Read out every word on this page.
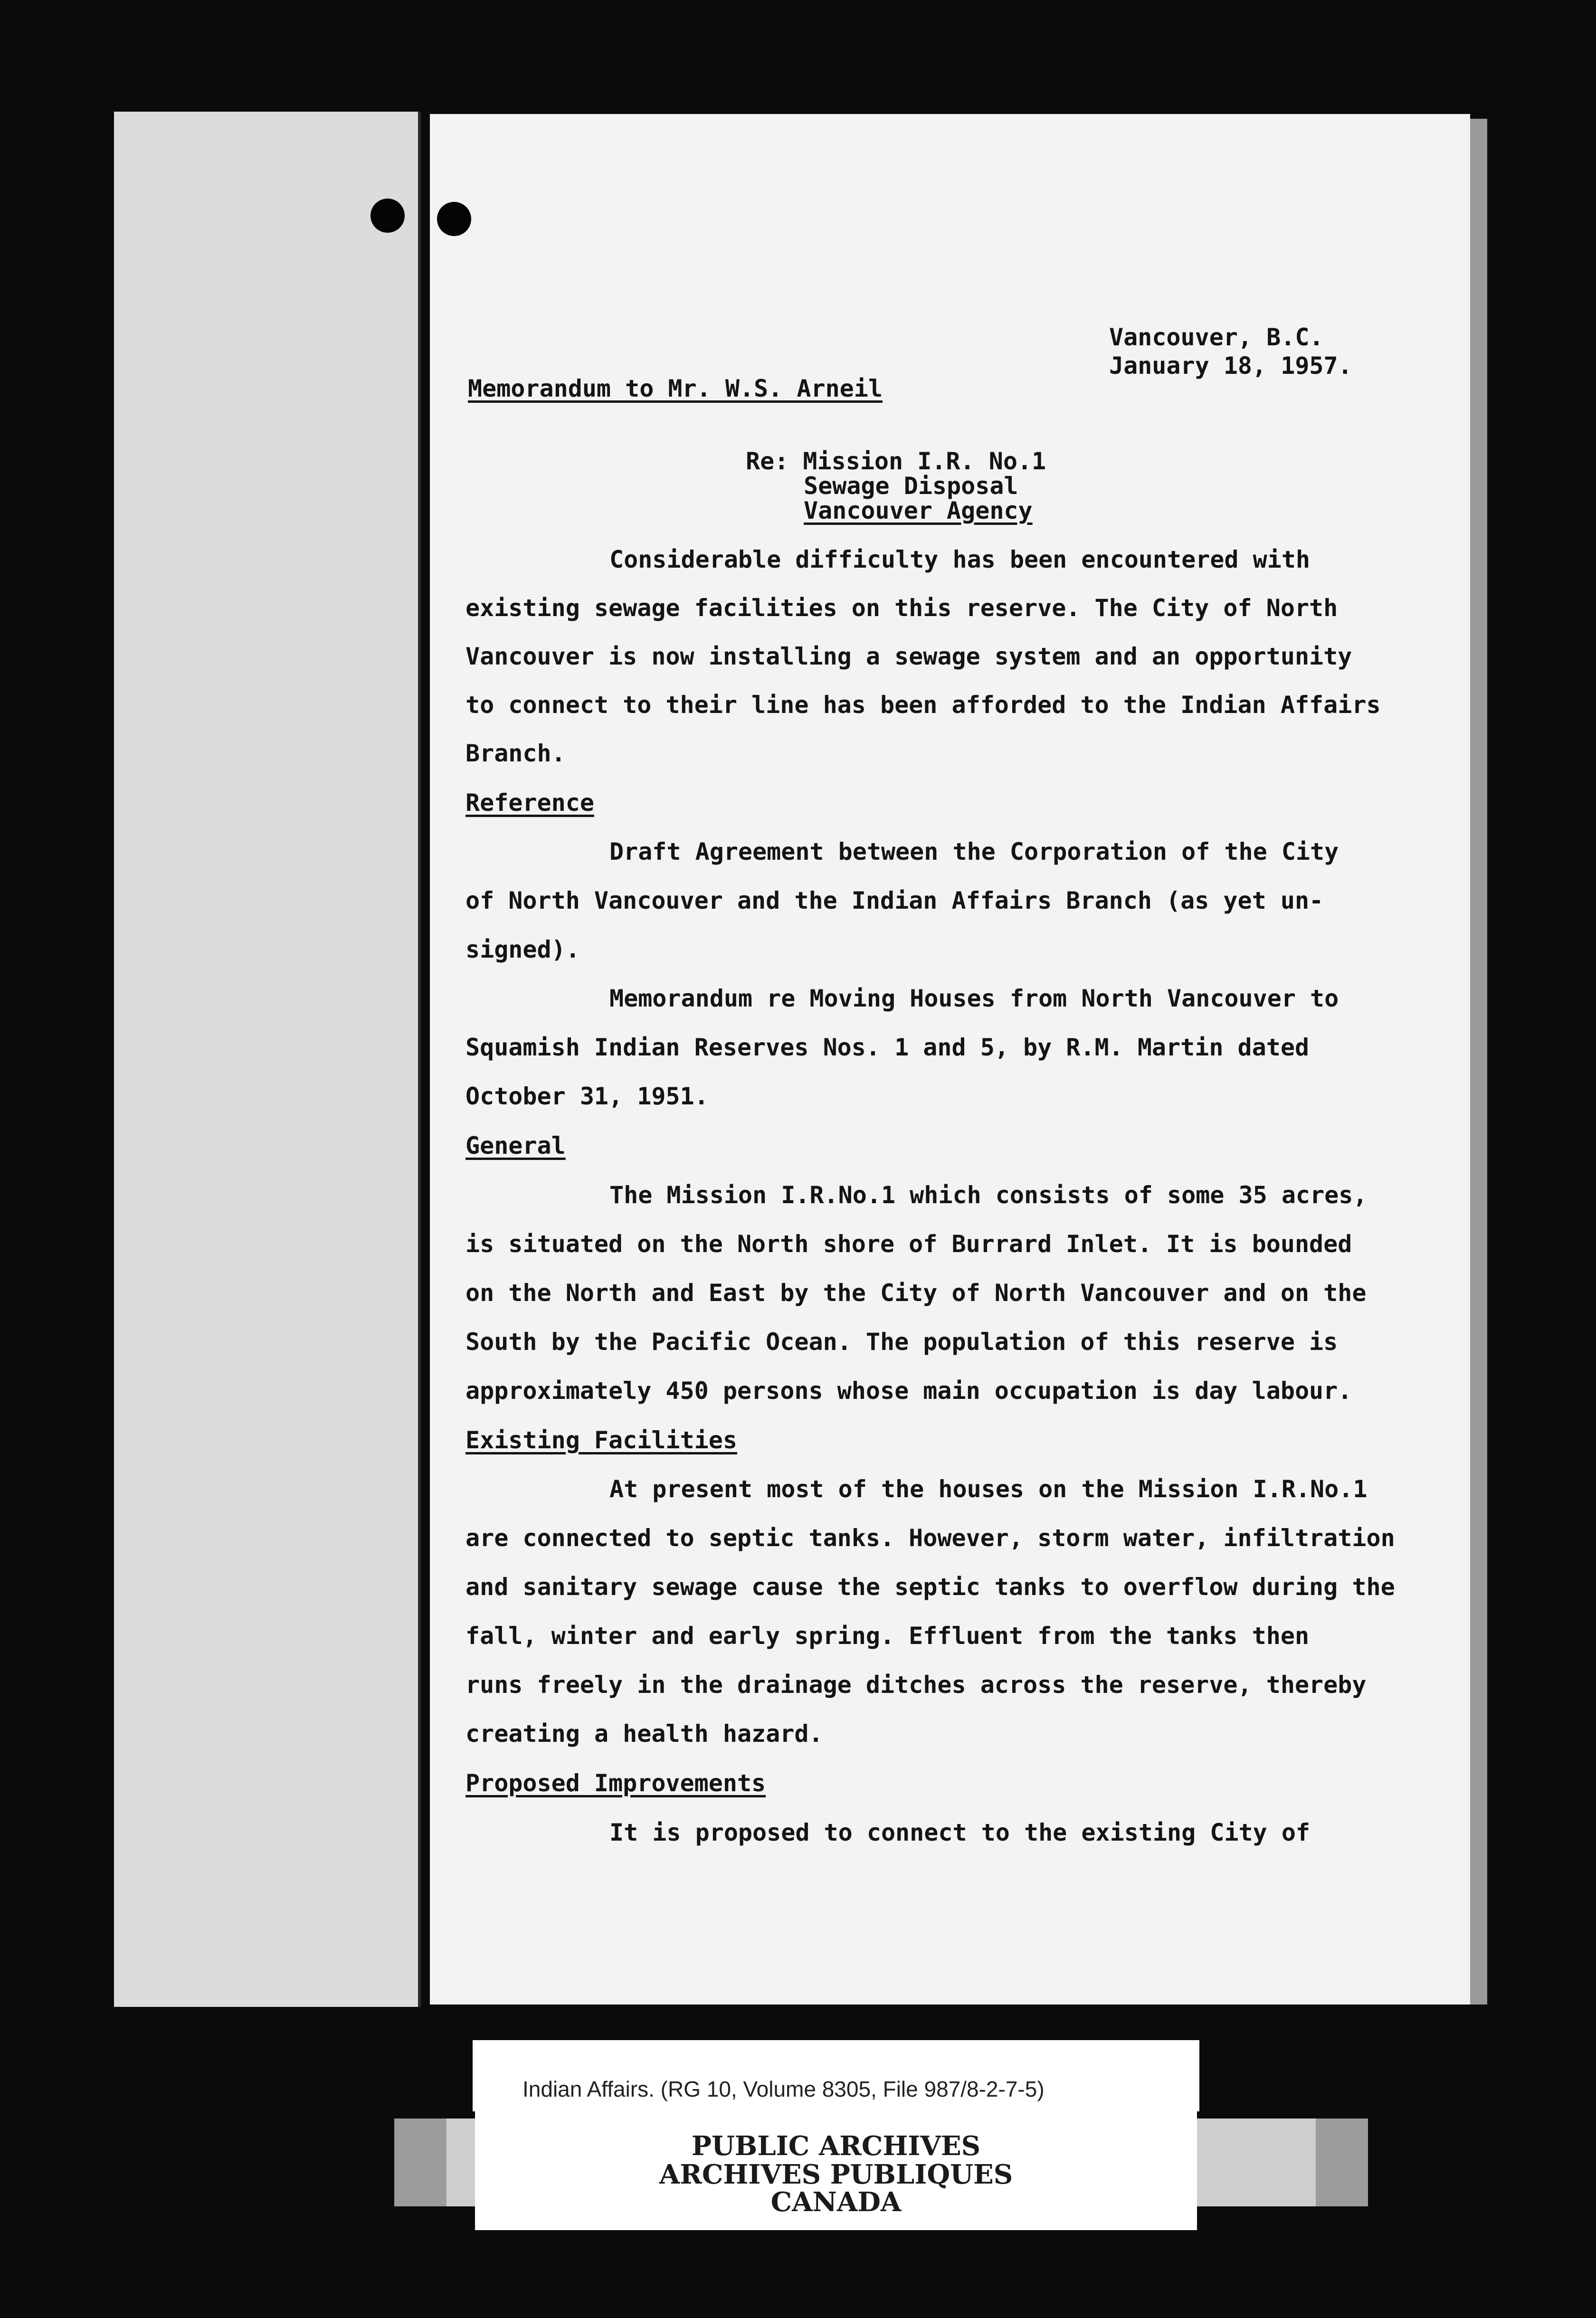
Vancouver, B.C.
January 18, 1957.

Memorandum to Mr. W.S. Arneil

Re: Mission I.R. No.1
Sewage Disposal
Vancouver Agency

Considerable difficulty has been encountered with

existing sewage facilities on this reserve. The City of North

Vancouver is now installing a sewage system and an opportunity

to connect to their line has been afforded to the Indian Affairs

Branch.

Reference

Draft Agreement between the Corporation of the City

of North Vancouver and the Indian Affairs Branch (as yet un-

signed).

Memorandum re Moving Houses from North Vancouver to

Squamish Indian Reserves Nos. 1 and 5, by R.M. Martin dated

October 31, 1951.

General

The Mission I.R.No.1 which consists of some 35 acres,

is situated on the North shore of Burrard Inlet. It is bounded

on the North and East by the City of North Vancouver and on the

South by the Pacific Ocean. The population of this reserve is

approximately 450 persons whose main occupation is day labour.

Existing Facilities

At present most of the houses on the Mission I.R.No.1

are connected to septic tanks. However, storm water, infiltration

and sanitary sewage cause the septic tanks to overflow during the

fall, winter and early spring. Effluent from the tanks then

runs freely in the drainage ditches across the reserve, thereby

creating a health hazard.

Proposed Improvements

It is proposed to connect to the existing City of

Indian Affairs. (RG 10, Volume 8305, File 987/8-2-7-5)
PUBLIC ARCHIVES
ARCHIVES PUBLIQUES
CANADA
